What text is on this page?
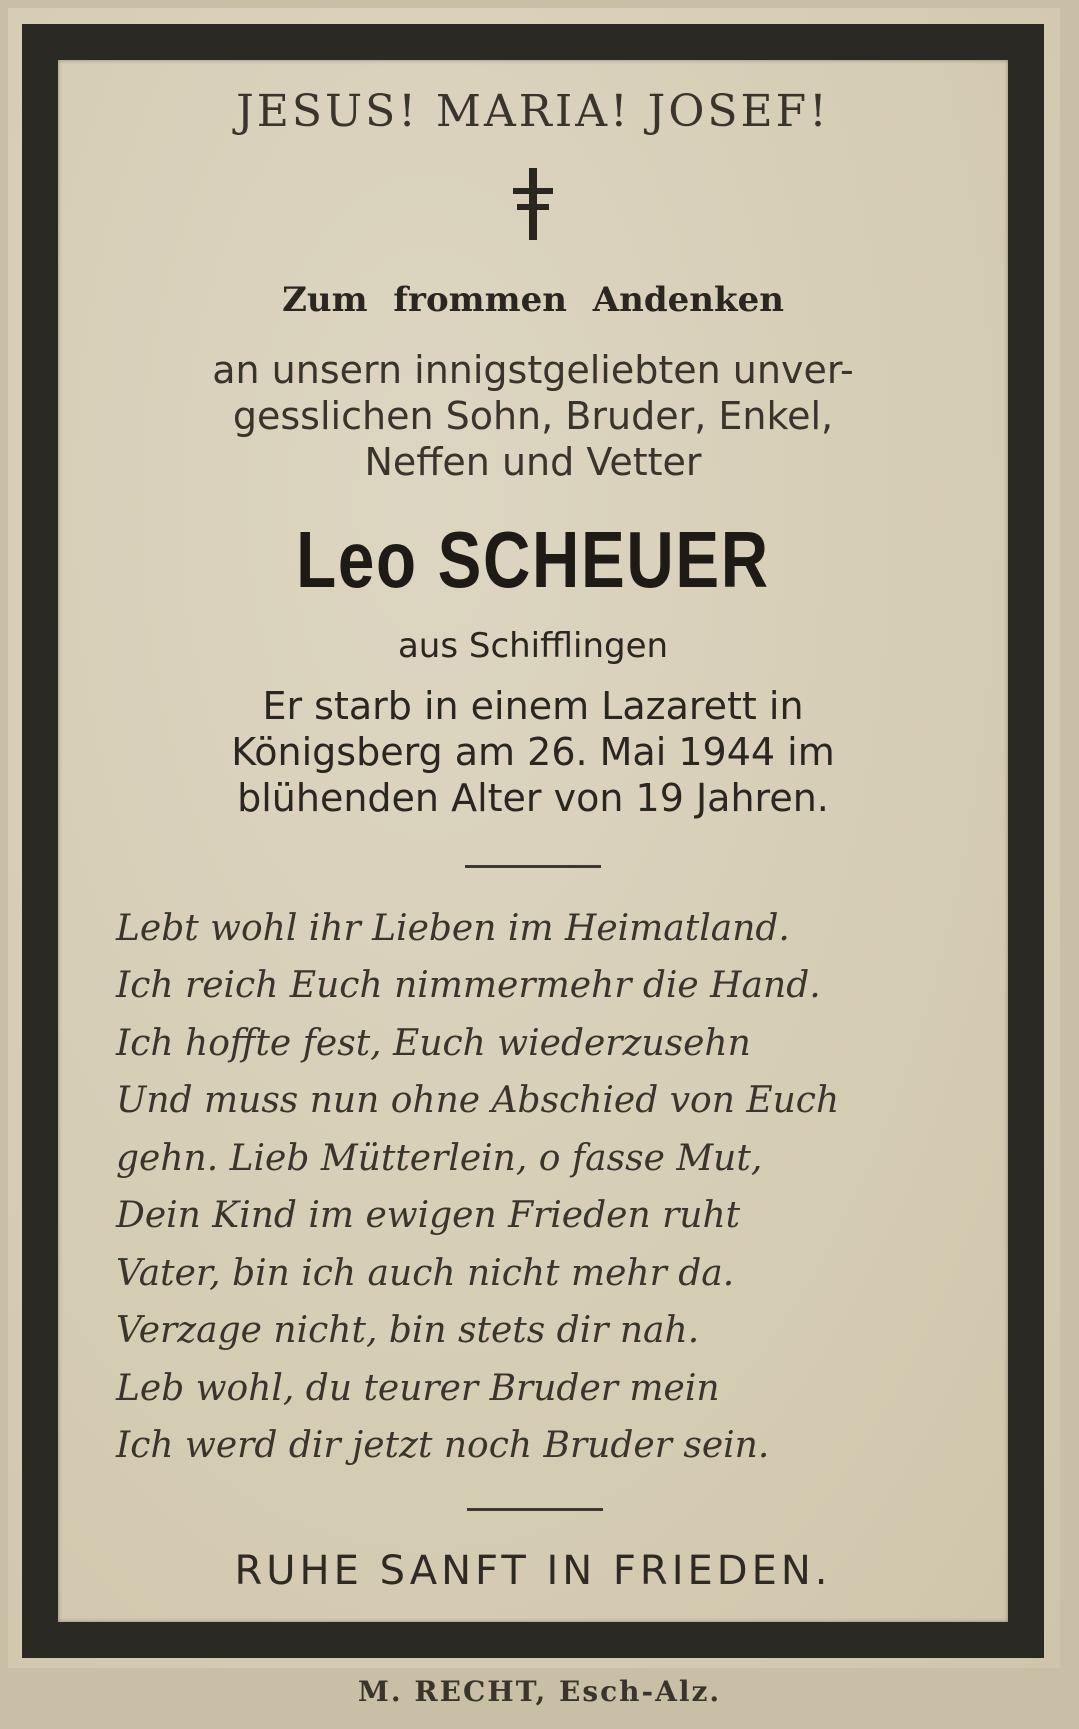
JESUS! MARIA! JOSEF!
Zum frommen Andenken
an unsern innigstgeliebten unver-
gesslichen Sohn, Bruder, Enkel,
Neffen und Vetter
Leo SCHEUER
aus Schifflingen
Er starb in einem Lazarett in
Königsberg am 26. Mai 1944 im
blühenden Alter von 19 Jahren.
Lebt wohl ihr Lieben im Heimatland.
Ich reich Euch nimmermehr die Hand.
Ich hoffte fest, Euch wiederzusehn
Und muss nun ohne Abschied von Euch
gehn. Lieb Mütterlein, o fasse Mut,
Dein Kind im ewigen Frieden ruht
Vater, bin ich auch nicht mehr da.
Verzage nicht, bin stets dir nah.
Leb wohl, du teurer Bruder mein
Ich werd dir jetzt noch Bruder sein.
RUHE SANFT IN FRIEDEN.
M. RECHT, Esch-Alz.
